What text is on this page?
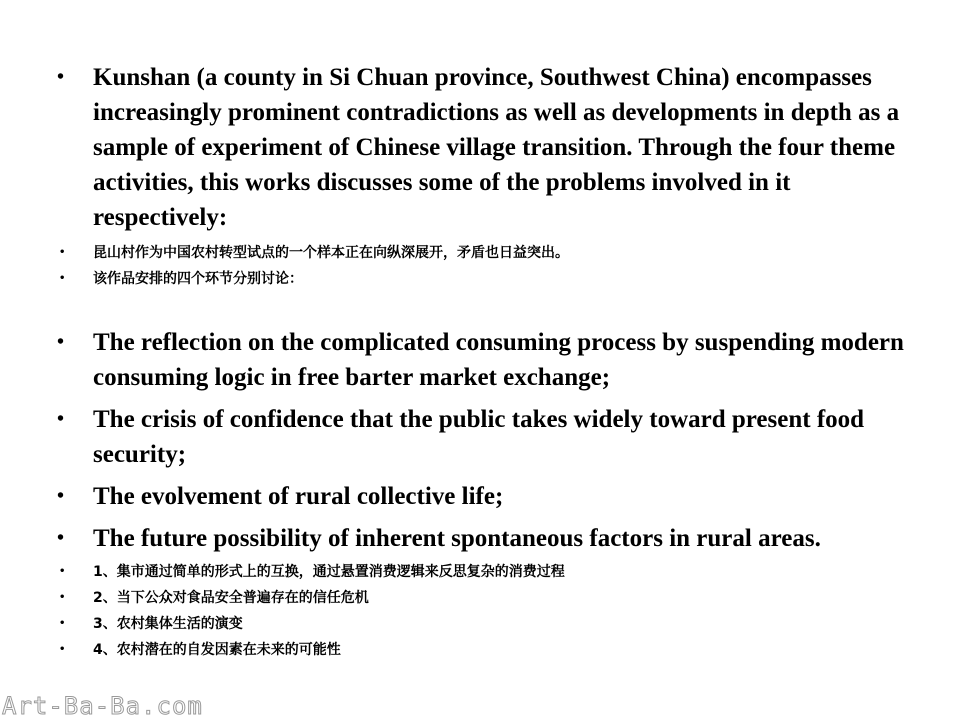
• Kunshan (a county in Si Chuan province, Southwest China) encompasses increasingly prominent contradictions as well as developments in depth as a sample of experiment of Chinese village transition. Through the four theme activities, this works discusses some of the problems involved in it respectively:
• 昆山村作为中国农村转型试点的一个样本正在向纵深展开，矛盾也日益突出。
• 该作品安排的四个环节分别讨论：
• The reflection on the complicated consuming process by suspending modern consuming logic in free barter market exchange;
• The crisis of confidence that the public takes widely toward present food security;
• The evolvement of rural collective life;
• The future possibility of inherent spontaneous factors in rural areas.
• 1、集市通过简单的形式上的互换，通过悬置消费逻辑来反思复杂的消费过程
• 2、当下公众对食品安全普遍存在的信任危机
• 3、农村集体生活的演变
• 4、农村潜在的自发因素在未来的可能性
Art-Ba-Ba.com
